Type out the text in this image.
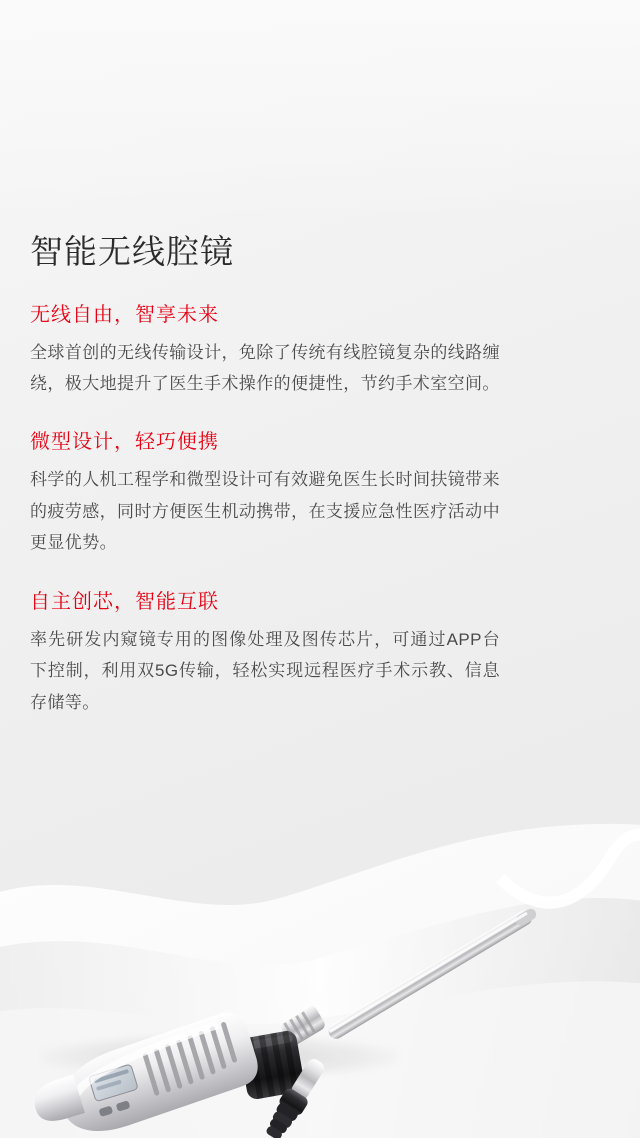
智能无线腔镜
无线自由，智享未来

全球首创的无线传输设计，免除了传统有线腔镜复杂的线路缠绕，极大地提升了医生手术操作的便捷性，节约手术室空间。

微型设计，轻巧便携

科学的人机工程学和微型设计可有效避免医生长时间扶镜带来的疲劳感，同时方便医生机动携带，在支援应急性医疗活动中更显优势。

自主创芯，智能互联

率先研发内窥镜专用的图像处理及图传芯片，可通过APP台下控制，利用双5G传输，轻松实现远程医疗手术示教、信息存储等。
